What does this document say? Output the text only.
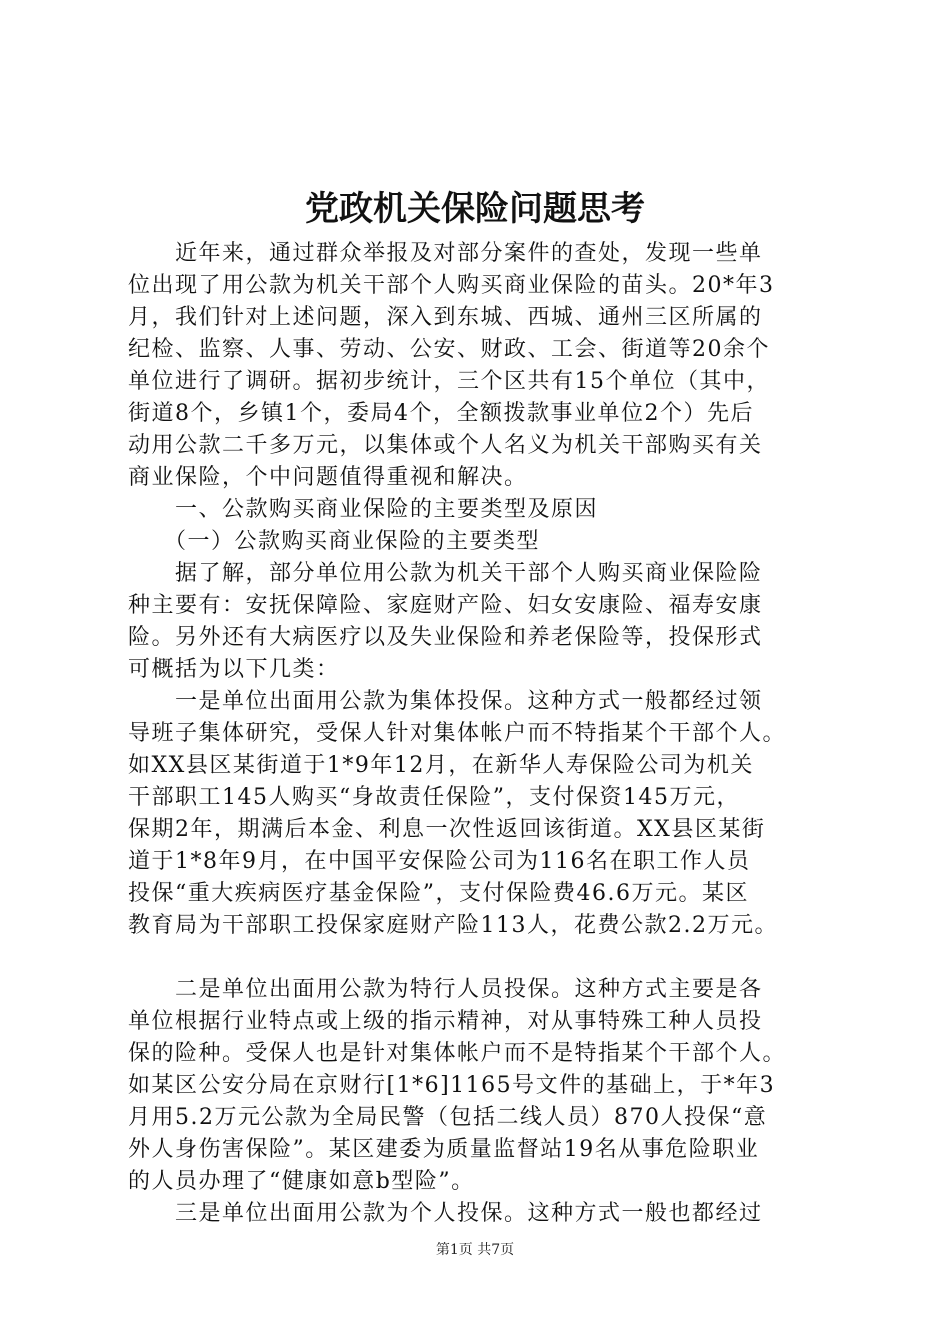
党政机关保险问题思考
　　近年来，通过群众举报及对部分案件的查处，发现一些单
位出现了用公款为机关干部个人购买商业保险的苗头。20*年3
月，我们针对上述问题，深入到东城、西城、通州三区所属的
纪检、监察、人事、劳动、公安、财政、工会、街道等20余个
单位进行了调研。据初步统计，三个区共有15个单位（其中，
街道8个，乡镇1个，委局4个，全额拨款事业单位2个）先后
动用公款二千多万元，以集体或个人名义为机关干部购买有关
商业保险，个中问题值得重视和解决。
　　一、公款购买商业保险的主要类型及原因
　　（一）公款购买商业保险的主要类型
　　据了解，部分单位用公款为机关干部个人购买商业保险险
种主要有：安抚保障险、家庭财产险、妇女安康险、福寿安康
险。另外还有大病医疗以及失业保险和养老保险等，投保形式
可概括为以下几类：
　　一是单位出面用公款为集体投保。这种方式一般都经过领
导班子集体研究，受保人针对集体帐户而不特指某个干部个人。
如XX县区某街道于1*9年12月，在新华人寿保险公司为机关
干部职工145人购买“身故责任保险”，支付保资145万元，
保期2年，期满后本金、利息一次性返回该街道。XX县区某街
道于1*8年9月，在中国平安保险公司为116名在职工作人员
投保“重大疾病医疗基金保险”，支付保险费46.6万元。某区
教育局为干部职工投保家庭财产险113人，花费公款2.2万元。
　　二是单位出面用公款为特行人员投保。这种方式主要是各
单位根据行业特点或上级的指示精神，对从事特殊工种人员投
保的险种。受保人也是针对集体帐户而不是特指某个干部个人。
如某区公安分局在京财行[1*6]1165号文件的基础上，于*年3
月用5.2万元公款为全局民警（包括二线人员）870人投保“意
外人身伤害保险”。某区建委为质量监督站19名从事危险职业
的人员办理了“健康如意b型险”。
　　三是单位出面用公款为个人投保。这种方式一般也都经过
第1页 共7页
